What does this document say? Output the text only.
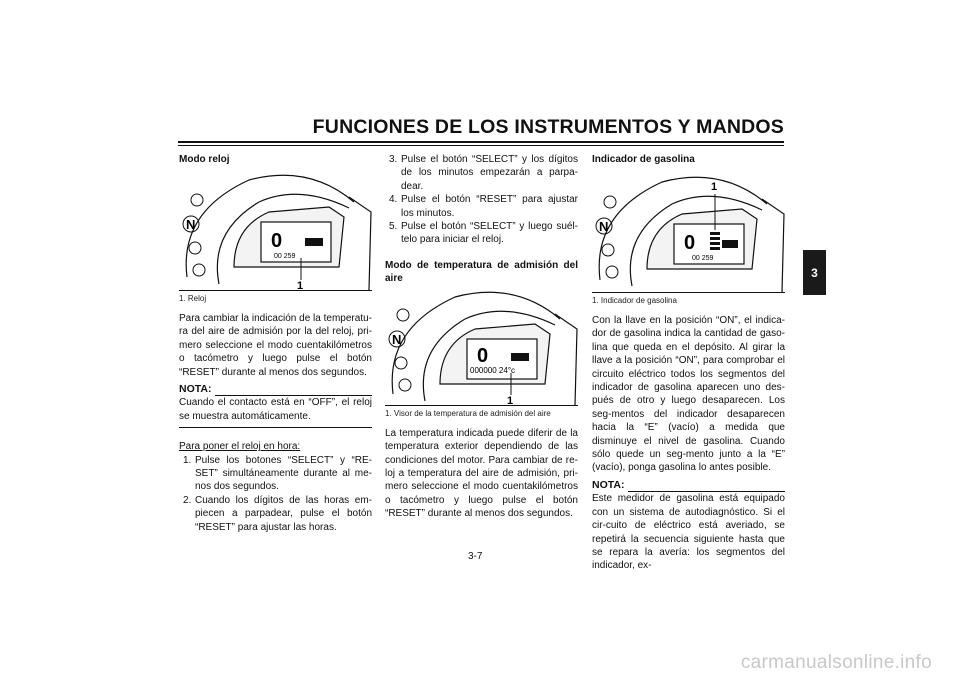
FUNCIONES DE LOS INSTRUMENTOS Y MANDOS
Modo reloj
N
0
00 259
1
1. Reloj

Para cambiar la indicación de la temperatu-ra del aire de admisión por la del reloj, pri-mero seleccione el modo cuentakilómetros o tacómetro y luego pulse el botón “RESET” durante al menos dos segundos.

NOTA:

Cuando el contacto está en “OFF”, el reloj se muestra automáticamente.

Para poner el reloj en hora:

1. Pulse los botones “SELECT” y “RE-SET” simultáneamente durante al me-nos dos segundos.
2. Cuando los dígitos de las horas em-piecen a parpadear, pulse el botón “RESET” para ajustar las horas.
3. Pulse el botón “SELECT” y los dígitos de los minutos empezarán a parpa-dear.
4. Pulse el botón “RESET” para ajustar los minutos.
5. Pulse el botón “SELECT” y luego suél-telo para iniciar el reloj.
Modo de temperatura de admisión del aire
N
0
000000 24°c
1
1. Visor de la temperatura de admisión del aire

La temperatura indicada puede diferir de la temperatura exterior dependiendo de las condiciones del motor. Para cambiar de re-loj a temperatura del aire de admisión, pri-mero seleccione el modo cuentakilómetros o tacómetro y luego pulse el botón “RESET” durante al menos dos segundos.

Indicador de gasolina
N
0
00 259
1
1. Indicador de gasolina

Con la llave en la posición “ON”, el indica-dor de gasolina indica la cantidad de gaso-lina que queda en el depósito. Al girar la llave a la posición “ON”, para comprobar el circuito eléctrico todos los segmentos del indicador de gasolina aparecen uno des-pués de otro y luego desaparecen. Los seg-mentos del indicador desaparecen hacia la “E” (vacío) a medida que disminuye el nivel de gasolina. Cuando sólo quede un seg-mento junto a la “E” (vacío), ponga gasolina lo antes posible.

NOTA:

Este medidor de gasolina está equipado con un sistema de autodiagnóstico. Si el cir-cuito de eléctrico está averiado, se repetirá la secuencia siguiente hasta que se repara la avería: los segmentos del indicador, ex-

3
3-7
carmanualsonline.info
